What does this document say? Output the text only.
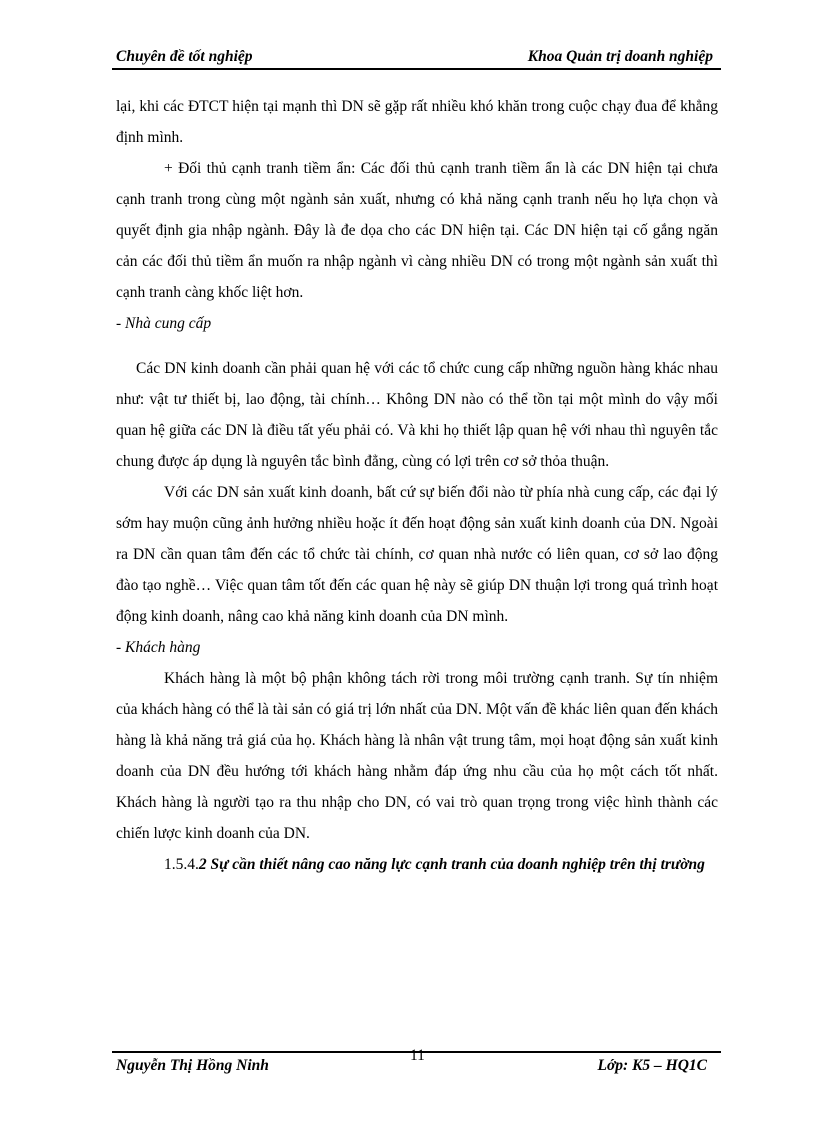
Chuyên đề tốt nghiệp	Khoa Quản trị doanh nghiệp

lại, khi các ĐTCT hiện tại mạnh thì DN sẽ gặp rất nhiều khó khăn trong cuộc chạy đua để khẳng định mình.

+ Đối thủ cạnh tranh tiềm ẩn: Các đối thủ cạnh tranh tiềm ẩn là các DN hiện tại chưa cạnh tranh trong cùng một ngành sản xuất, nhưng có khả năng cạnh tranh nếu họ lựa chọn và quyết định gia nhập ngành. Đây là đe dọa cho các DN hiện tại. Các DN hiện tại cố gắng ngăn cản các đối thủ tiềm ẩn muốn ra nhập ngành vì càng nhiều DN có trong một ngành sản xuất thì cạnh tranh càng khốc liệt hơn.

- Nhà cung cấp

Các DN kinh doanh cần phải quan hệ với các tổ chức cung cấp những nguồn hàng khác nhau như: vật tư thiết bị, lao động, tài chính… Không DN nào có thể tồn tại một mình do vậy mối quan hệ giữa các DN là điều tất yếu phải có. Và khi họ thiết lập quan hệ với nhau thì nguyên tắc chung được áp dụng là nguyên tắc bình đẳng, cùng có lợi trên cơ sở thỏa thuận.

Với các DN sản xuất kinh doanh, bất cứ sự biến đổi nào từ phía nhà cung cấp, các đại lý sớm hay muộn cũng ảnh hưởng nhiều hoặc ít đến hoạt động sản xuất kinh doanh của DN. Ngoài ra DN cần quan tâm đến các tổ chức tài chính, cơ quan nhà nước có liên quan, cơ sở lao động đào tạo nghề… Việc quan tâm tốt đến các quan hệ này sẽ giúp DN thuận lợi trong quá trình hoạt động kinh doanh, nâng cao khả năng kinh doanh của DN mình.

- Khách hàng

Khách hàng là một bộ phận không tách rời trong môi trường cạnh tranh. Sự tín nhiệm của khách hàng có thể là tài sản có giá trị lớn nhất của DN. Một vấn đề khác liên quan đến khách hàng là khả năng trả giá của họ. Khách hàng là nhân vật trung tâm, mọi hoạt động sản xuất kinh doanh của DN đều hướng tới khách hàng nhằm đáp ứng nhu cầu của họ một cách tốt nhất. Khách hàng là người tạo ra thu nhập cho DN, có vai trò quan trọng trong việc hình thành các chiến lược kinh doanh của DN.

1.5.4.2 Sự cần thiết nâng cao năng lực cạnh tranh của doanh nghiệp trên thị trường

Nguyễn Thị Hồng Ninh
11
Lớp: K5 – HQ1C
